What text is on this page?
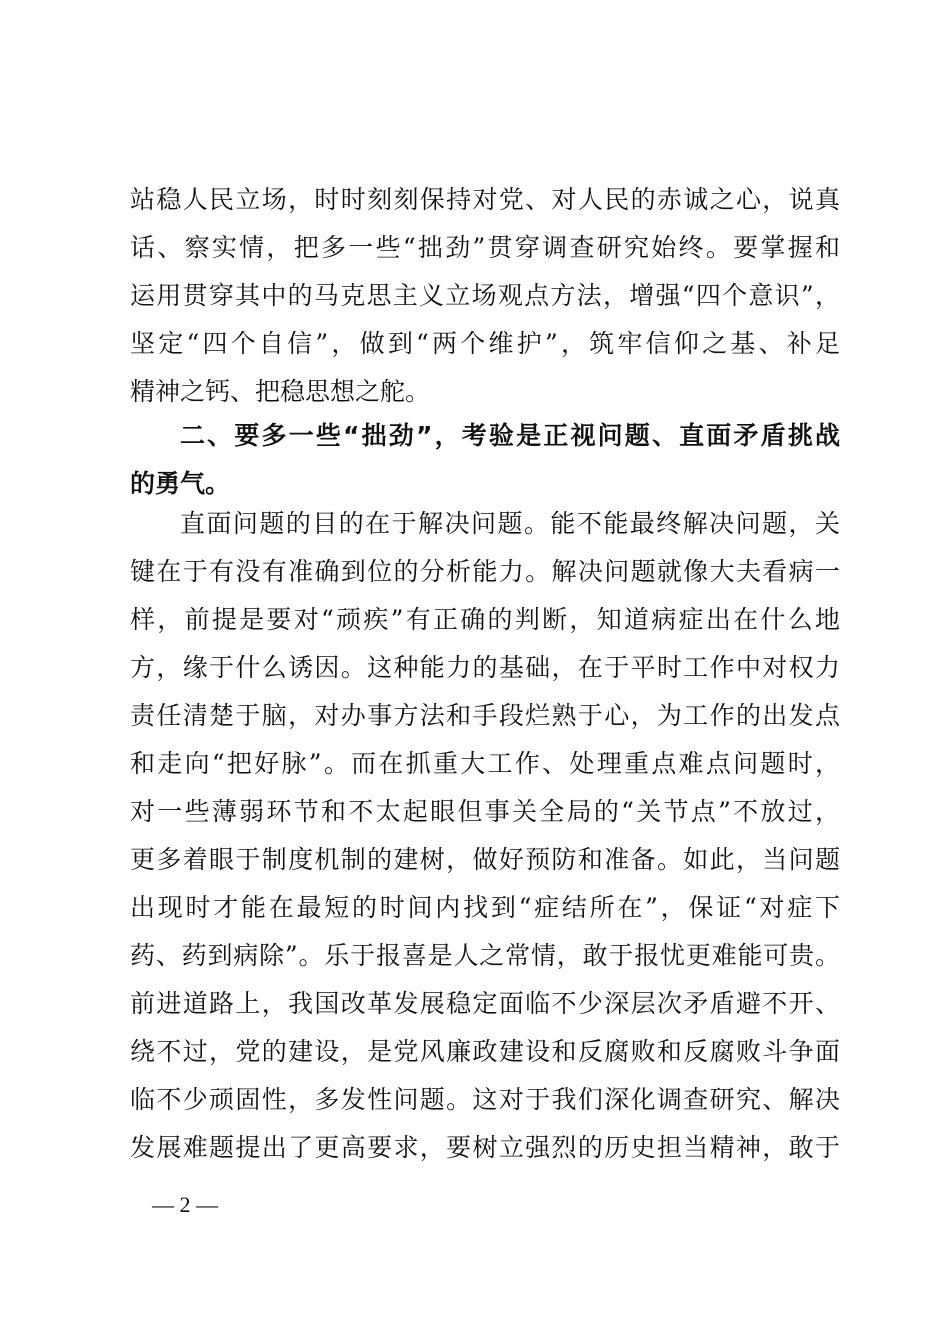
站稳人民立场，时时刻刻保持对党、对人民的赤诚之心，说真
话、察实情，把多一些“拙劲”贯穿调查研究始终。要掌握和
运用贯穿其中的马克思主义立场观点方法，增强“四个意识”，
坚定“四个自信”，做到“两个维护”，筑牢信仰之基、补足
精神之钙、把稳思想之舵。
二、要多一些“拙劲”，考验是正视问题、直面矛盾挑战
的勇气。
直面问题的目的在于解决问题。能不能最终解决问题，关
键在于有没有准确到位的分析能力。解决问题就像大夫看病一
样，前提是要对“顽疾”有正确的判断，知道病症出在什么地
方，缘于什么诱因。这种能力的基础，在于平时工作中对权力
责任清楚于脑，对办事方法和手段烂熟于心，为工作的出发点
和走向“把好脉”。而在抓重大工作、处理重点难点问题时，
对一些薄弱环节和不太起眼但事关全局的“关节点”不放过，
更多着眼于制度机制的建树，做好预防和准备。如此，当问题
出现时才能在最短的时间内找到“症结所在”，保证“对症下
药、药到病除”。乐于报喜是人之常情，敢于报忧更难能可贵。
前进道路上，我国改革发展稳定面临不少深层次矛盾避不开、
绕不过，党的建设，是党风廉政建设和反腐败和反腐败斗争面
临不少顽固性，多发性问题。这对于我们深化调查研究、解决
发展难题提出了更高要求，要树立强烈的历史担当精神，敢于
— 2 —
